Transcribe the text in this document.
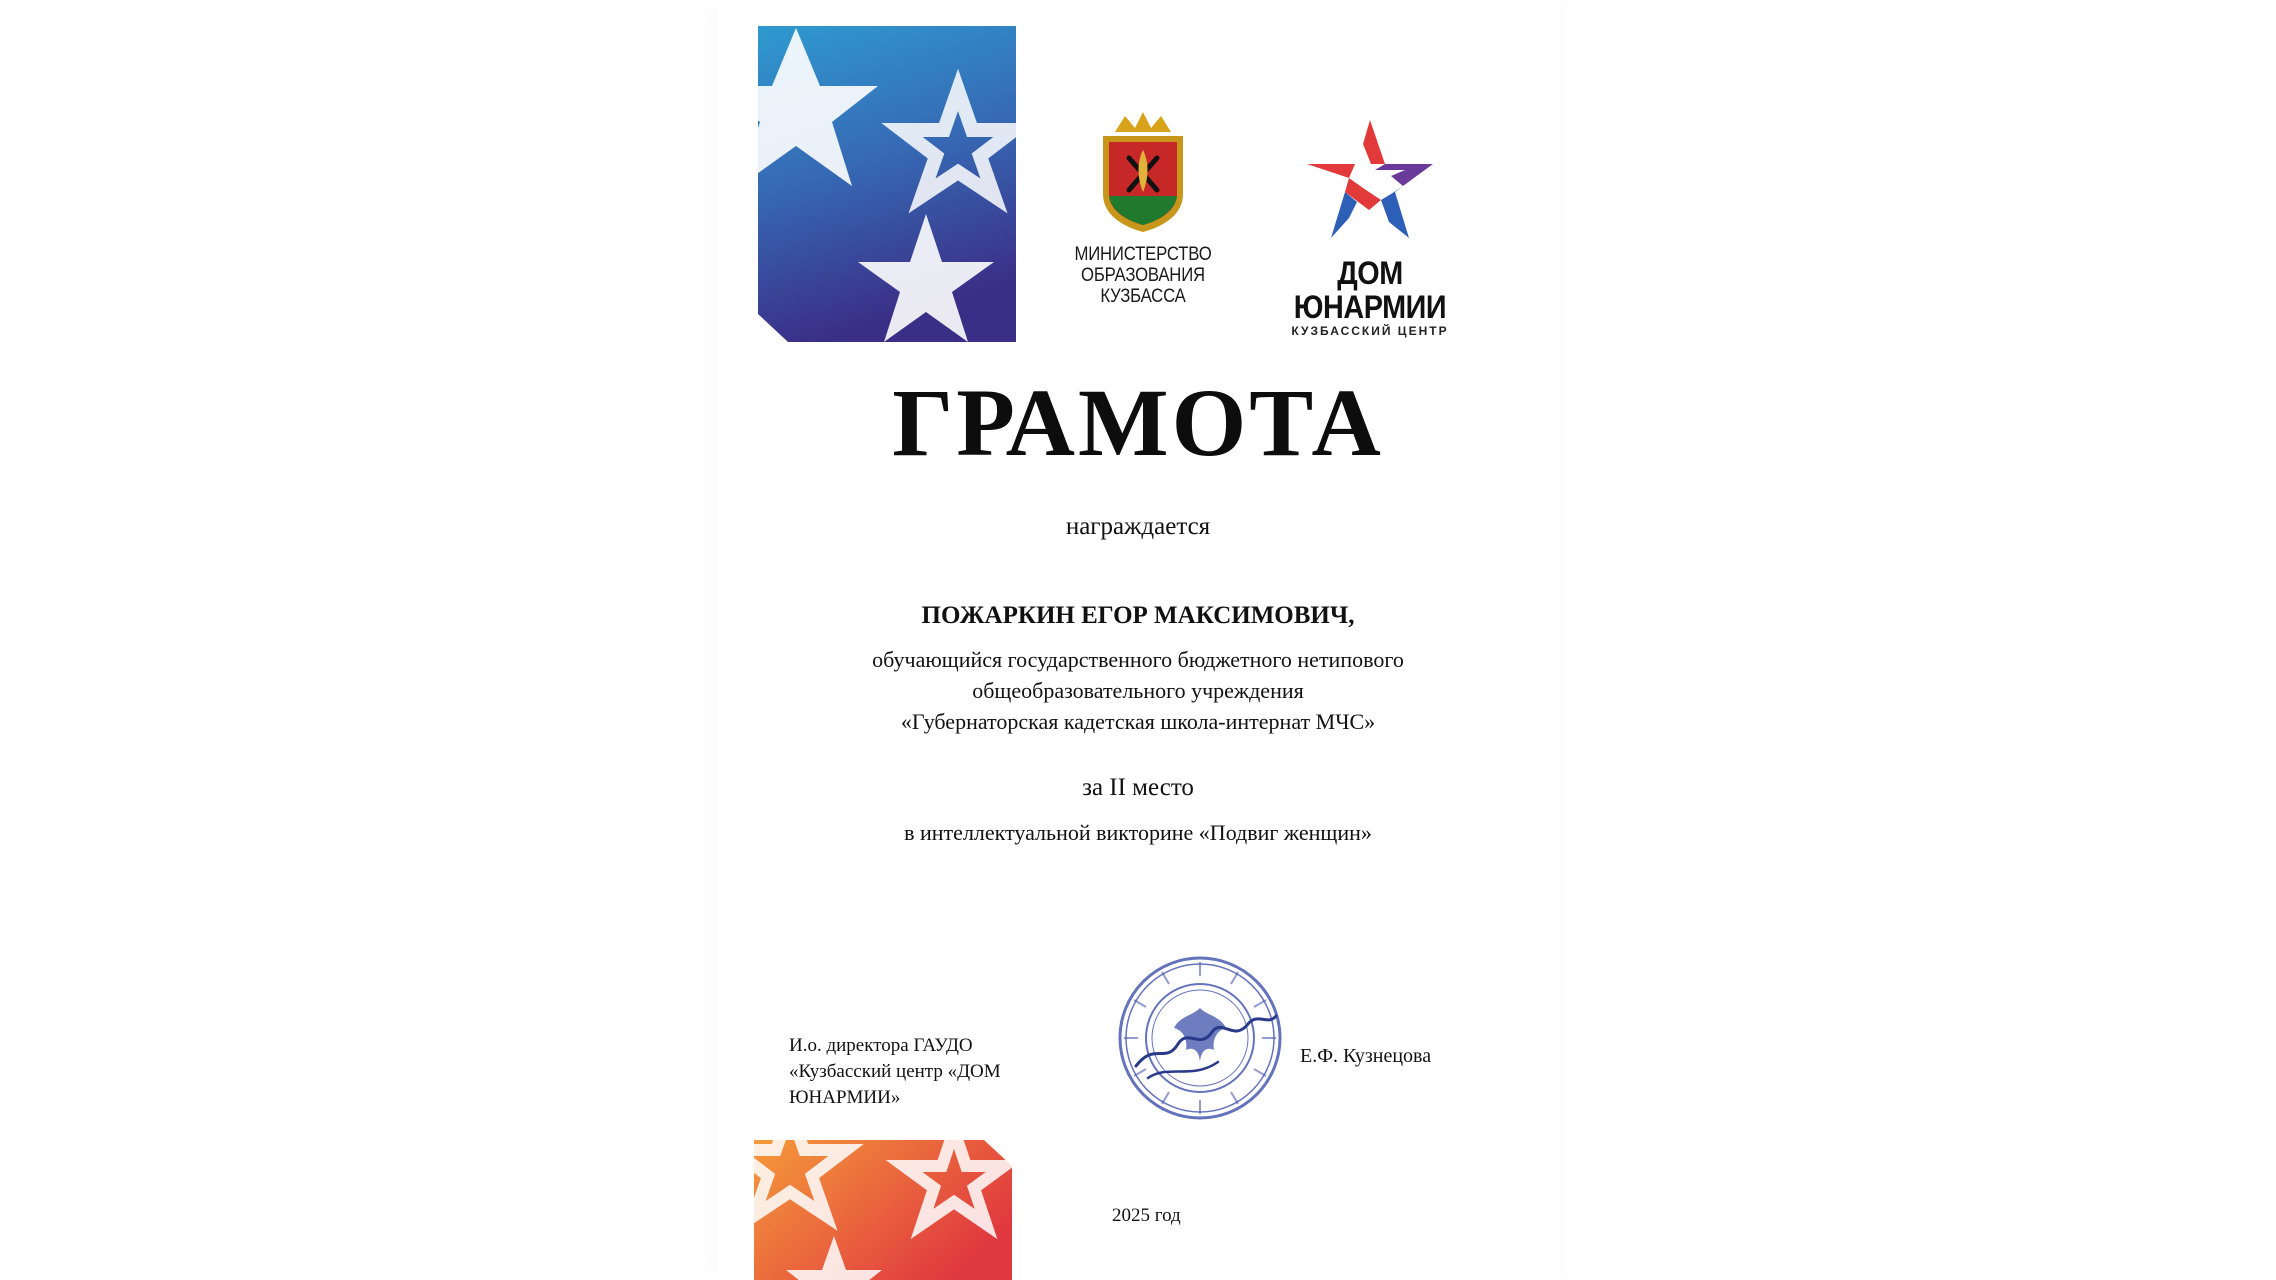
МИНИСТЕРСТВО
ОБРАЗОВАНИЯ
КУЗБАССА
ДОМ ЮНАРМИИ
КУЗБАССКИЙ ЦЕНТР
ГРАМОТА
награждается
ПОЖАРКИН ЕГОР МАКСИМОВИЧ,
обучающийся государственного бюджетного нетипового
общеобразовательного учреждения
«Губернаторская кадетская школа-интернат МЧС»
за II место
в интеллектуальной викторине «Подвиг женщин»
И.о. директора ГАУДО
«Кузбасский центр «ДОМ
ЮНАРМИИ»
Е.Ф. Кузнецова
2025 год
